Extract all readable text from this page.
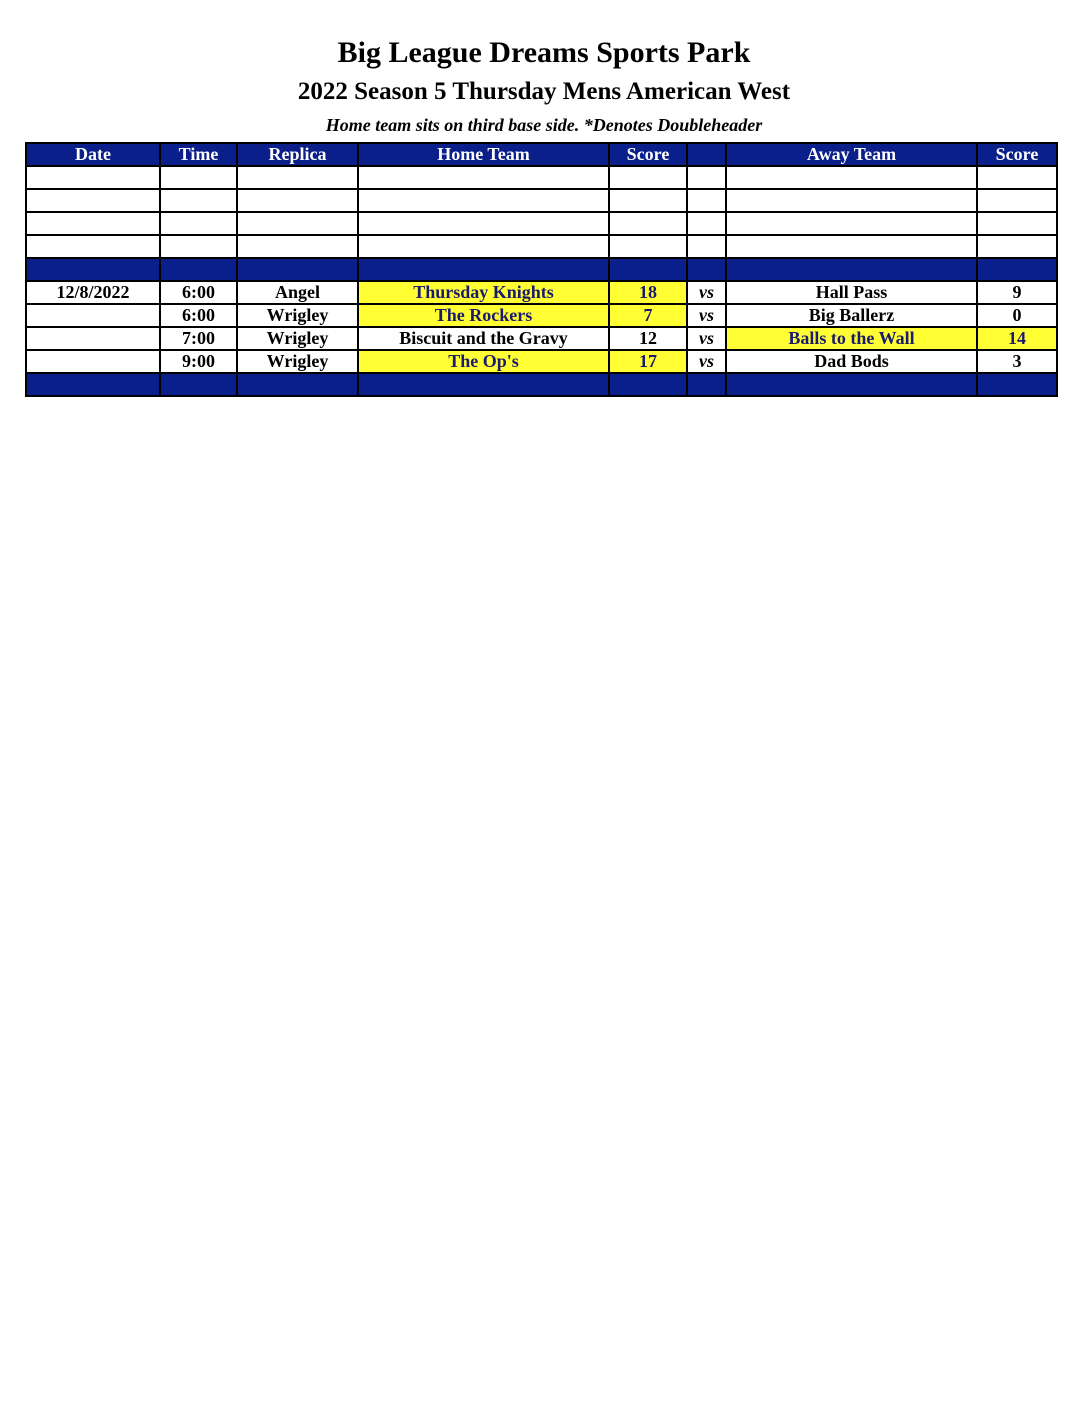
Big League Dreams Sports Park
2022 Season 5 Thursday Mens American West
Home team sits on third base side. *Denotes Doubleheader
Date	Time	Replica	Home Team	Score		Away Team	Score

12/8/2022	6:00	Angel	Thursday Knights	18	vs	Hall Pass	9
	6:00	Wrigley	The Rockers	7	vs	Big Ballerz	0
	7:00	Wrigley	Biscuit and the Gravy	12	vs	Balls to the Wall	14
	9:00	Wrigley	The Op's	17	vs	Dad Bods	3
